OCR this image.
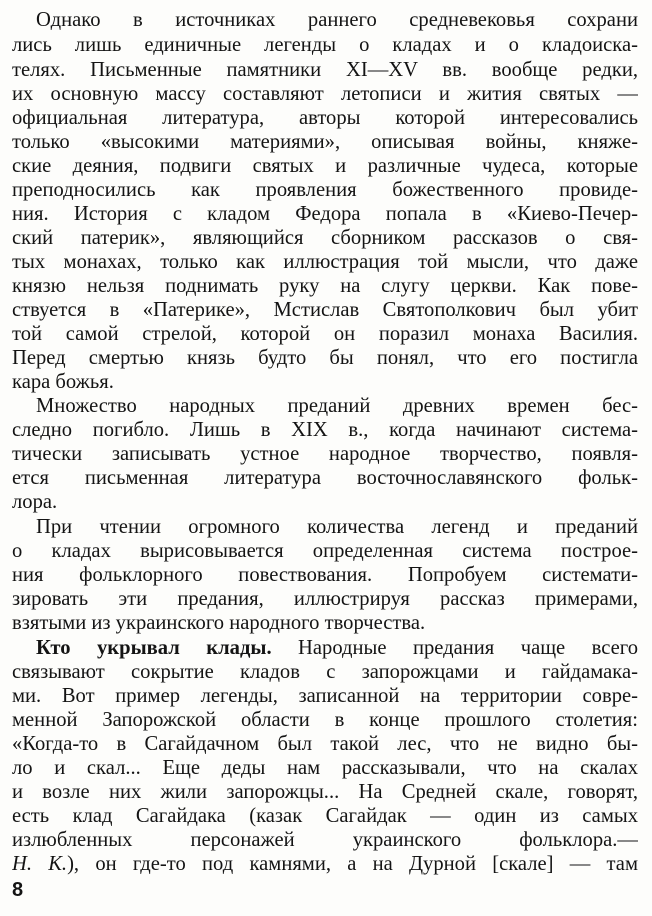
Однако в источниках раннего средневековья сохрани
лись лишь единичные легенды о кладах и о кладоиска-
телях. Письменные памятники XI—XV вв. вообще редки,
их основную массу составляют летописи и жития святых —
официальная литература, авторы которой интересовались
только «высокими материями», описывая войны, княже-
ские деяния, подвиги святых и различные чудеса, которые
преподносились как проявления божественного провиде-
ния. История с кладом Федора попала в «Киево-Печер-
ский патерик», являющийся сборником рассказов о свя-
тых монахах, только как иллюстрация той мысли, что даже
князю нельзя поднимать руку на слугу церкви. Как пове-
ствуется в «Патерике», Мстислав Святополкович был убит
той самой стрелой, которой он поразил монаха Василия.
Перед смертью князь будто бы понял, что его постигла
кара божья.
Множество народных преданий древних времен бес-
следно погибло. Лишь в XIX в., когда начинают система-
тически записывать устное народное творчество, появля-
ется письменная литература восточнославянского фольк-
лора.
При чтении огромного количества легенд и преданий
о кладах вырисовывается определенная система построе-
ния фольклорного повествования. Попробуем системати-
зировать эти предания, иллюстрируя рассказ примерами,
взятыми из украинского народного творчества.
Кто укрывал клады. Народные предания чаще всего
связывают сокрытие кладов с запорожцами и гайдамака-
ми. Вот пример легенды, записанной на территории совре-
менной Запорожской области в конце прошлого столетия:
«Когда-то в Сагайдачном был такой лес, что не видно бы-
ло и скал... Еще деды нам рассказывали, что на скалах
и возле них жили запорожцы... На Средней скале, говорят,
есть клад Сагайдака (казак Сагайдак — один из самых
излюбленных персонажей украинского фольклора.—
Н. К.), он где-то под камнями, а на Дурной [скале] — там
8
